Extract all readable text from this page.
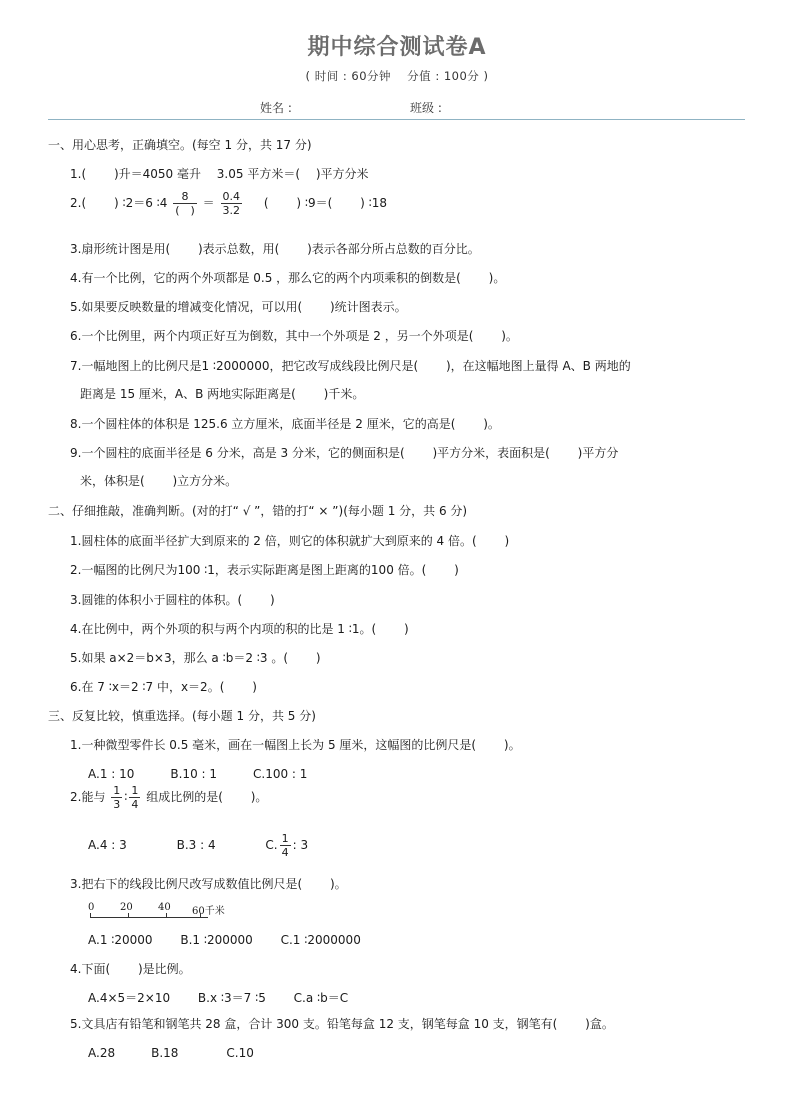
期中综合测试卷A
( 时间 : 60分钟　 分值 : 100分 )
姓名 :	班级 :
一、用心思考，正确填空。(每空 1 分，共 17 分)
1.(　　 )升＝4050 毫升　 3.05 平方米＝(　 )平方分米
2.(　　 ) ∶2＝6 ∶4 $\frac{8}{( )} = \frac{0.4}{3.2}$ (　　 ) ∶9＝(　　 ) ∶18
3.扇形统计图是用(　　 )表示总数，用(　　 )表示各部分所占总数的百分比。
4.有一个比例，它的两个外项都是 0.5 ，那么它的两个内项乘积的倒数是(　　 )。
5.如果要反映数量的增减变化情况，可以用(　　 )统计图表示。
6.一个比例里，两个内项正好互为倒数，其中一个外项是 2 ，另一个外项是(　　 )。
7.一幅地图上的比例尺是1 ∶2000000，把它改写成线段比例尺是(　　 )，在这幅地图上量得 A、B 两地的
距离是 15 厘米，A、B 两地实际距离是(　　 )千米。
8.一个圆柱体的体积是 125.6 立方厘米，底面半径是 2 厘米，它的高是(　　 )。
9.一个圆柱的底面半径是 6 分米，高是 3 分米，它的侧面积是(　　 )平方分米，表面积是(　　 )平方分
米，体积是(　　 )立方分米。
二、仔细推敲，准确判断。(对的打“ √ ”，错的打“ × ”)(每小题 1 分，共 6 分)
1.圆柱体的底面半径扩大到原来的 2 倍，则它的体积就扩大到原来的 4 倍。(　　 )
2.一幅图的比例尺为100 ∶1，表示实际距离是图上距离的100 倍。(　　 )
3.圆锥的体积小于圆柱的体积。(　　 )
4.在比例中，两个外项的积与两个内项的积的比是 1 ∶1。(　　 )
5.如果 a×2＝b×3，那么 a ∶b＝2 ∶3 。(　　 )
6.在 7 ∶x＝2 ∶7 中，x＝2。(　　 )
三、反复比较，慎重选择。(每小题 1 分，共 5 分)
1.一种微型零件长 0.5 毫米，画在一幅图上长为 5 厘米，这幅图的比例尺是(　　 )。
A.1 : 10　　　B.10 : 1　　　C.100 : 1
2.能与 $\frac{1}{3}$ ∶ $\frac{1}{4}$ 组成比例的是(　　 )。
A.4 : 3	B.3 : 4	C. $\frac{1}{4}$ : 3
3.把右下的线段比例尺改写成数值比例尺是(　　 )。
0	20	40 60千米
A.1 ∶20000　　 B.1 ∶200000　　 C.1 ∶2000000
4.下面(　　 )是比例。
A.4×5＝2×10　　 B.x ∶3＝7 ∶5　　 C.a ∶b＝C
5.文具店有铅笔和钢笔共 28 盒，合计 300 支。铅笔每盒 12 支，钢笔每盒 10 支，钢笔有(　　 )盒。
A.28　　　B.18　　　　C.10
